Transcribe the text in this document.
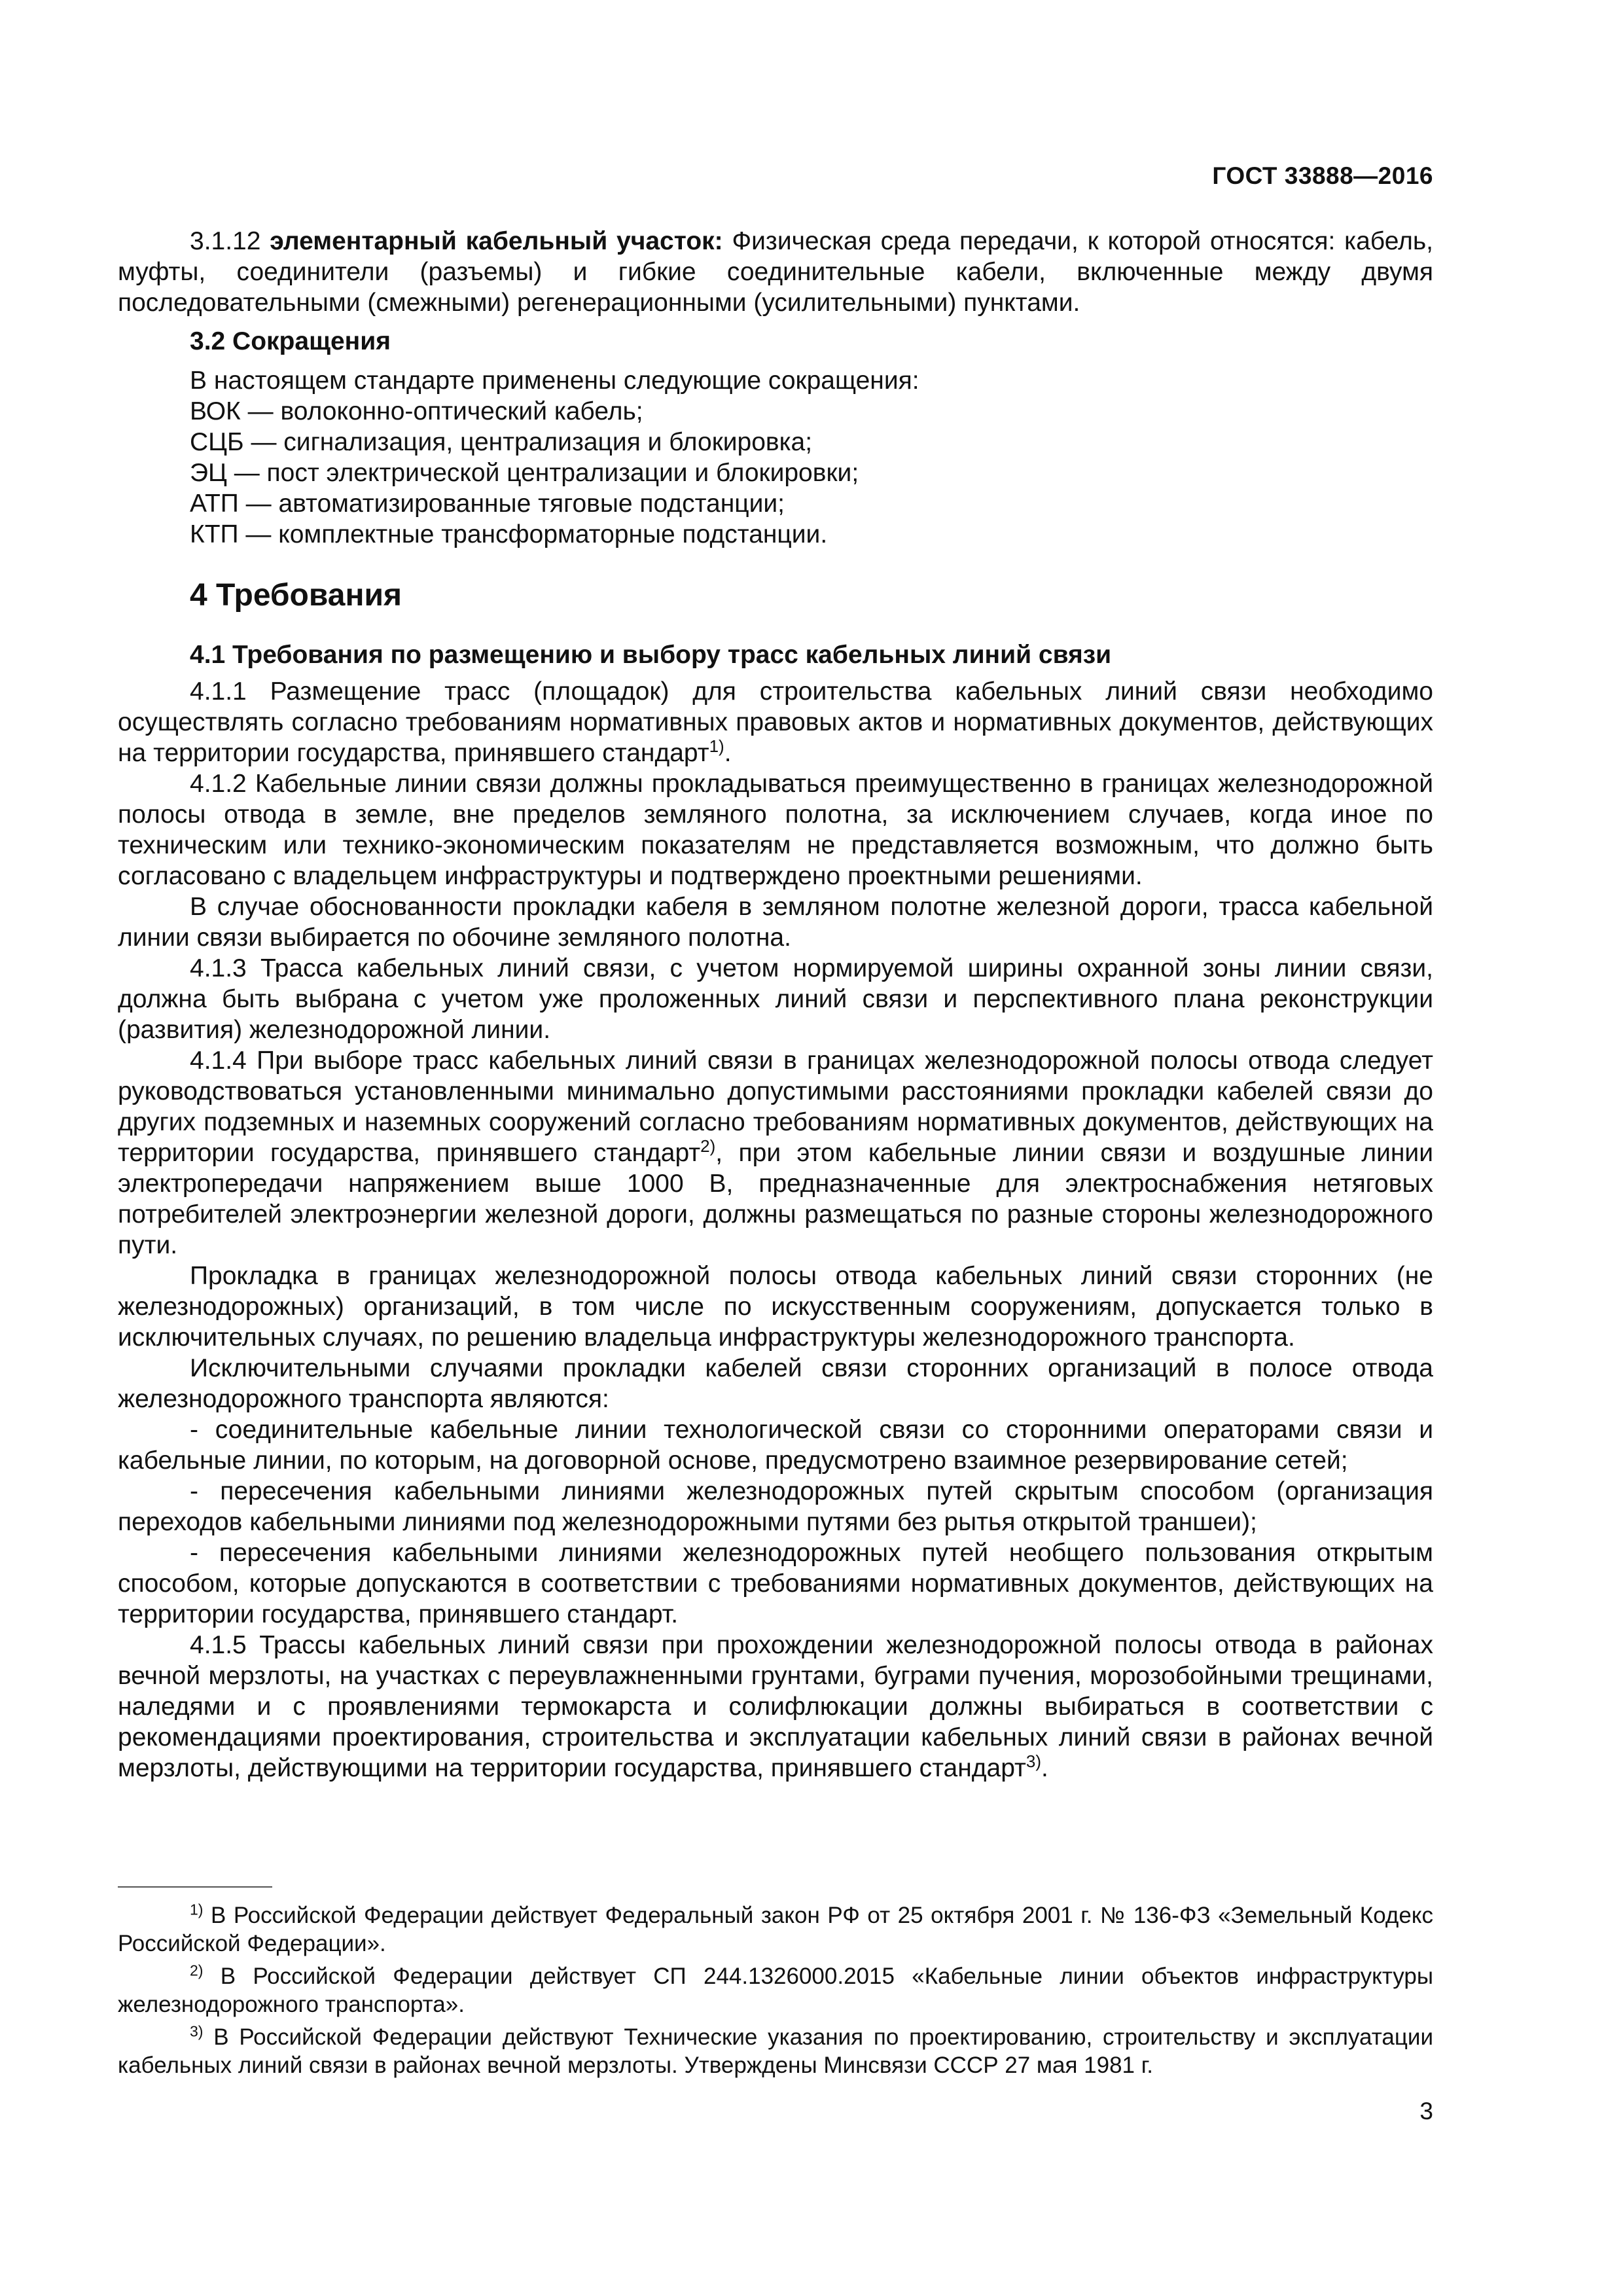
ГОСТ 33888—2016

3.1.12 элементарный кабельный участок: Физическая среда передачи, к которой относятся: кабель, муфты, соединители (разъемы) и гибкие соединительные кабели, включенные между двумя последовательными (смежными) регенерационными (усилительными) пунктами.

3.2 Сокращения
В настоящем стандарте применены следующие сокращения:
ВОК — волоконно-оптический кабель;
СЦБ — сигнализация, централизация и блокировка;
ЭЦ — пост электрической централизации и блокировки;
АТП — автоматизированные тяговые подстанции;
КТП — комплектные трансформаторные подстанции.
4 Требования
4.1 Требования по размещению и выбору трасс кабельных линий связи

4.1.1 Размещение трасс (площадок) для строительства кабельных линий связи необходимо осуществлять согласно требованиям нормативных правовых актов и нормативных документов, действующих на территории государства, принявшего стандарт$^{1)}$.

4.1.2 Кабельные линии связи должны прокладываться преимущественно в границах железнодорожной полосы отвода в земле, вне пределов земляного полотна, за исключением случаев, когда иное по техническим или технико-экономическим показателям не представляется возможным, что должно быть согласовано с владельцем инфраструктуры и подтверждено проектными решениями.

В случае обоснованности прокладки кабеля в земляном полотне железной дороги, трасса кабельной линии связи выбирается по обочине земляного полотна.

4.1.3 Трасса кабельных линий связи, с учетом нормируемой ширины охранной зоны линии связи, должна быть выбрана с учетом уже проложенных линий связи и перспективного плана реконструкции (развития) железнодорожной линии.

4.1.4 При выборе трасс кабельных линий связи в границах железнодорожной полосы отвода следует руководствоваться установленными минимально допустимыми расстояниями прокладки кабелей связи до других подземных и наземных сооружений согласно требованиям нормативных документов, действующих на территории государства, принявшего стандарт$^{2)}$, при этом кабельные линии связи и воздушные линии электропередачи напряжением выше 1000 В, предназначенные для электроснабжения нетяговых потребителей электроэнергии железной дороги, должны размещаться по разные стороны железнодорожного пути.

Прокладка в границах железнодорожной полосы отвода кабельных линий связи сторонних (не железнодорожных) организаций, в том числе по искусственным сооружениям, допускается только в исключительных случаях, по решению владельца инфраструктуры железнодорожного транспорта.

Исключительными случаями прокладки кабелей связи сторонних организаций в полосе отвода железнодорожного транспорта являются:

- соединительные кабельные линии технологической связи со сторонними операторами связи и кабельные линии, по которым, на договорной основе, предусмотрено взаимное резервирование сетей;

- пересечения кабельными линиями железнодорожных путей скрытым способом (организация переходов кабельными линиями под железнодорожными путями без рытья открытой траншеи);

- пересечения кабельными линиями железнодорожных путей необщего пользования открытым способом, которые допускаются в соответствии с требованиями нормативных документов, действующих на территории государства, принявшего стандарт.

4.1.5 Трассы кабельных линий связи при прохождении железнодорожной полосы отвода в районах вечной мерзлоты, на участках с переувлажненными грунтами, буграми пучения, морозобойными трещинами, наледями и с проявлениями термокарста и солифлюкации должны выбираться в соответствии с рекомендациями проектирования, строительства и эксплуатации кабельных линий связи в районах вечной мерзлоты, действующими на территории государства, принявшего стандарт$^{3)}$.

$^{1)}$ В Российской Федерации действует Федеральный закон РФ от 25 октября 2001 г. № 136-ФЗ «Земельный Кодекс Российской Федерации».
$^{2)}$ В Российской Федерации действует СП 244.1326000.2015 «Кабельные линии объектов инфраструктуры железнодорожного транспорта».
$^{3)}$ В Российской Федерации действуют Технические указания по проектированию, строительству и эксплуатации кабельных линий связи в районах вечной мерзлоты. Утверждены Минсвязи СССР 27 мая 1981 г.
3
